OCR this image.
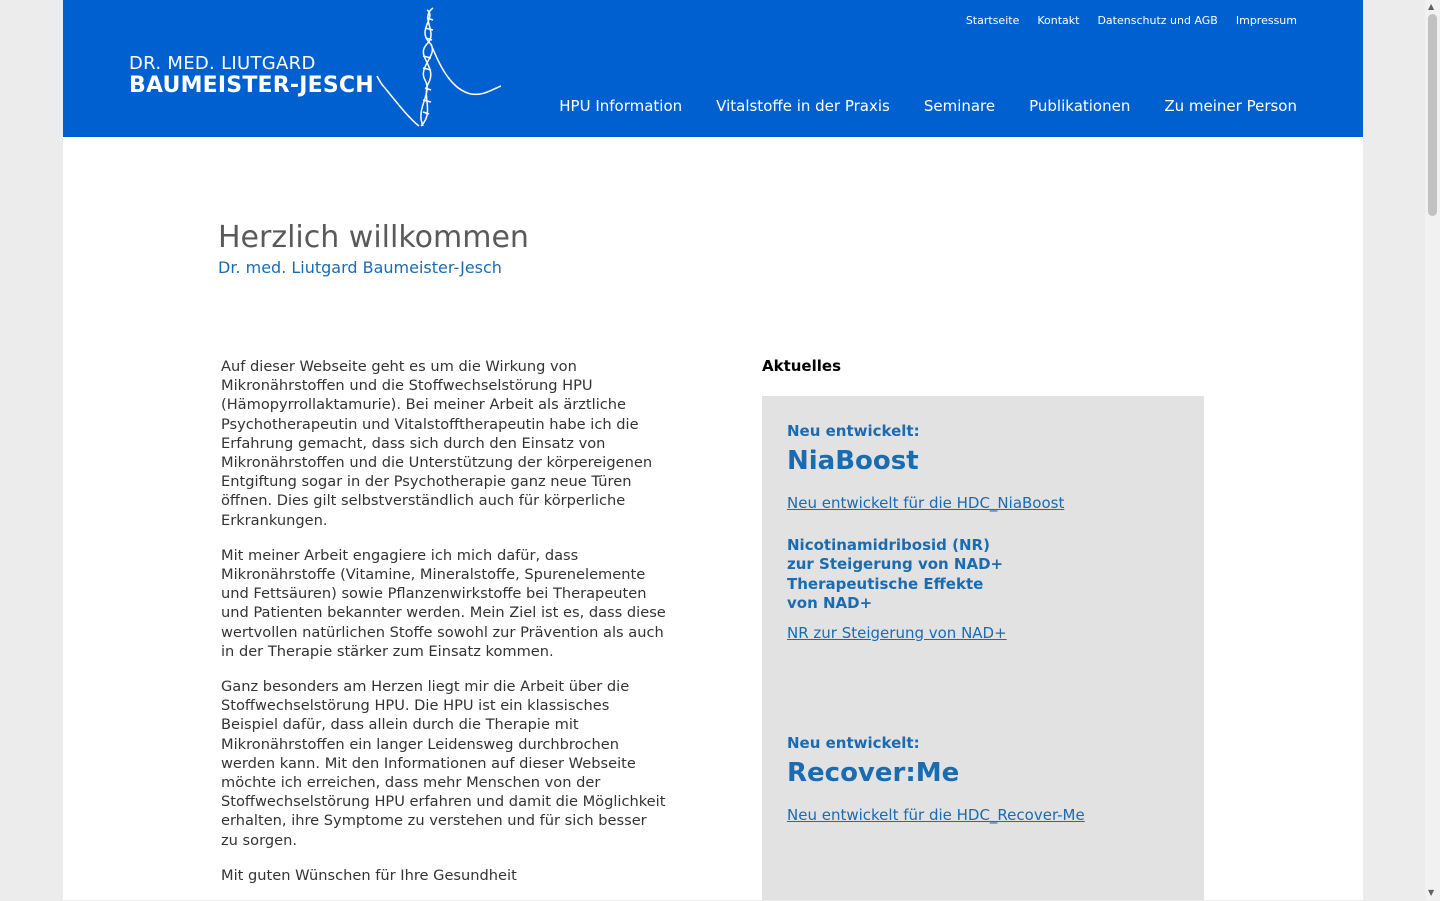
DR. MED. LIUTGARD
BAUMEISTER-JESCH
Startseite Kontakt Datenschutz und AGB Impressum
HPU Information Vitalstoffe in der Praxis Seminare Publikationen Zu meiner Person
Herzlich willkommen
Dr. med. Liutgard Baumeister-Jesch

Auf dieser Webseite geht es um die Wirkung von Mikronährstoffen und die Stoffwechselstörung HPU (Hämopyrrollaktamurie). Bei meiner Arbeit als ärztliche Psychotherapeutin und Vitalstofftherapeutin habe ich die Erfahrung gemacht, dass sich durch den Einsatz von Mikronährstoffen und die Unterstützung der körpereigenen Entgiftung sogar in der Psychotherapie ganz neue Türen öffnen. Dies gilt selbstverständlich auch für körperliche Erkrankungen.

Mit meiner Arbeit engagiere ich mich dafür, dass Mikronährstoffe (Vitamine, Mineralstoffe, Spurenelemente und Fettsäuren) sowie Pflanzenwirkstoffe bei Therapeuten und Patienten bekannter werden. Mein Ziel ist es, dass diese wertvollen natürlichen Stoffe sowohl zur Prävention als auch in der Therapie stärker zum Einsatz kommen.

Ganz besonders am Herzen liegt mir die Arbeit über die Stoffwechselstörung HPU. Die HPU ist ein klassisches Beispiel dafür, dass allein durch die Therapie mit Mikronährstoffen ein langer Leidensweg durchbrochen werden kann. Mit den Informationen auf dieser Webseite möchte ich erreichen, dass mehr Menschen von der Stoffwechselstörung HPU erfahren und damit die Möglichkeit erhalten, ihre Symptome zu verstehen und für sich besser zu sorgen.

Mit guten Wünschen für Ihre Gesundheit

Aktuelles
Neu entwickelt:
NiaBoost
Neu entwickelt für die HDC_NiaBoost
Nicotinamidribosid (NR) zur Steigerung von NAD+ Therapeutische Effekte von NAD+
NR zur Steigerung von NAD+
Neu entwickelt:
Recover:Me
Neu entwickelt für die HDC_Recover-Me
▲
▼
